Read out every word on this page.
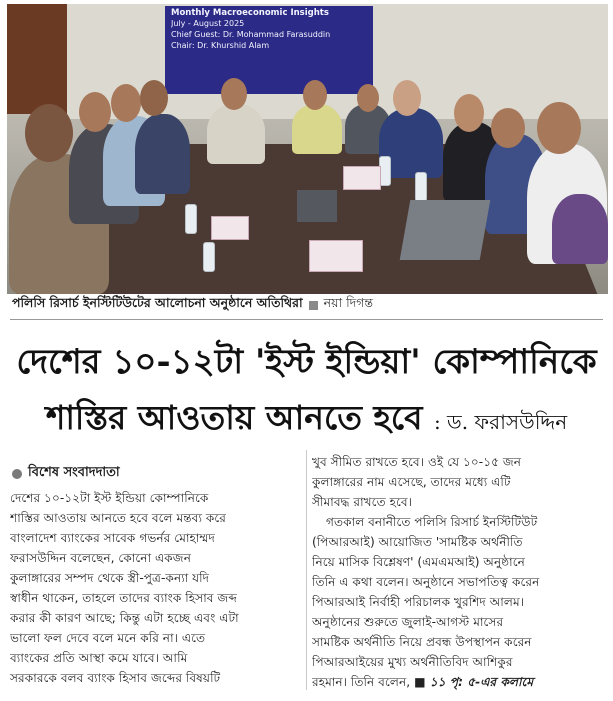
Monthly Macroeconomic Insights
July - August 2025
Chief Guest: Dr. Mohammad Farasuddin
Chair: Dr. Khurshid Alam
পলিসি রিসার্চ ইনস্টিটিউটের আলোচনা অনুষ্ঠানে অতিথিরা নয়া দিগন্ত
দেশের ১০-১২টা 'ইস্ট ইন্ডিয়া' কোম্পানিকে
শাস্তির আওতায় আনতে হবে : ড. ফরাসউদ্দিন
বিশেষ সংবাদদাতা
দেশের ১০-১২টা ইস্ট ইন্ডিয়া কোম্পানিকে
শাস্তির আওতায় আনতে হবে বলে মন্তব্য করে
বাংলাদেশ ব্যাংকের সাবেক গভর্নর মোহাম্মদ
ফরাসউদ্দিন বলেছেন, কোনো একজন
কুলাঙ্গারের সম্পদ থেকে স্ত্রী-পুত্র-কন্যা যদি
স্বাধীন থাকেন, তাহলে তাদের ব্যাংক হিসাব জব্দ
করার কী কারণ আছে; কিন্তু এটা হচ্ছে এবং এটা
ভালো ফল দেবে বলে মনে করি না। এতে
ব্যাংকের প্রতি আস্থা কমে যাবে। আমি
সরকারকে বলব ব্যাংক হিসাব জব্দের বিষয়টি
খুব সীমিত রাখতে হবে। ওই যে ১০-১৫ জন
কুলাঙ্গারের নাম এসেছে, তাদের মধ্যে এটি
সীমাবদ্ধ রাখতে হবে।
গতকাল বনানীতে পলিসি রিসার্চ ইনস্টিটিউট
(পিআরআই) আয়োজিত 'সামষ্টিক অর্থনীতি
নিয়ে মাসিক বিশ্লেষণ' (এমএমআই) অনুষ্ঠানে
তিনি এ কথা বলেন। অনুষ্ঠানে সভাপতিত্ব করেন
পিআরআই নির্বাহী পরিচালক খুরশিদ আলম।
অনুষ্ঠানের শুরুতে জুলাই-আগস্ট মাসের
সামষ্টিক অর্থনীতি নিয়ে প্রবন্ধ উপস্থাপন করেন
পিআরআইয়ের মুখ্য অর্থনীতিবিদ আশিকুর
রহমান। তিনি বলেন, ■ ১১ পৃ: ৫-এর কলামে
